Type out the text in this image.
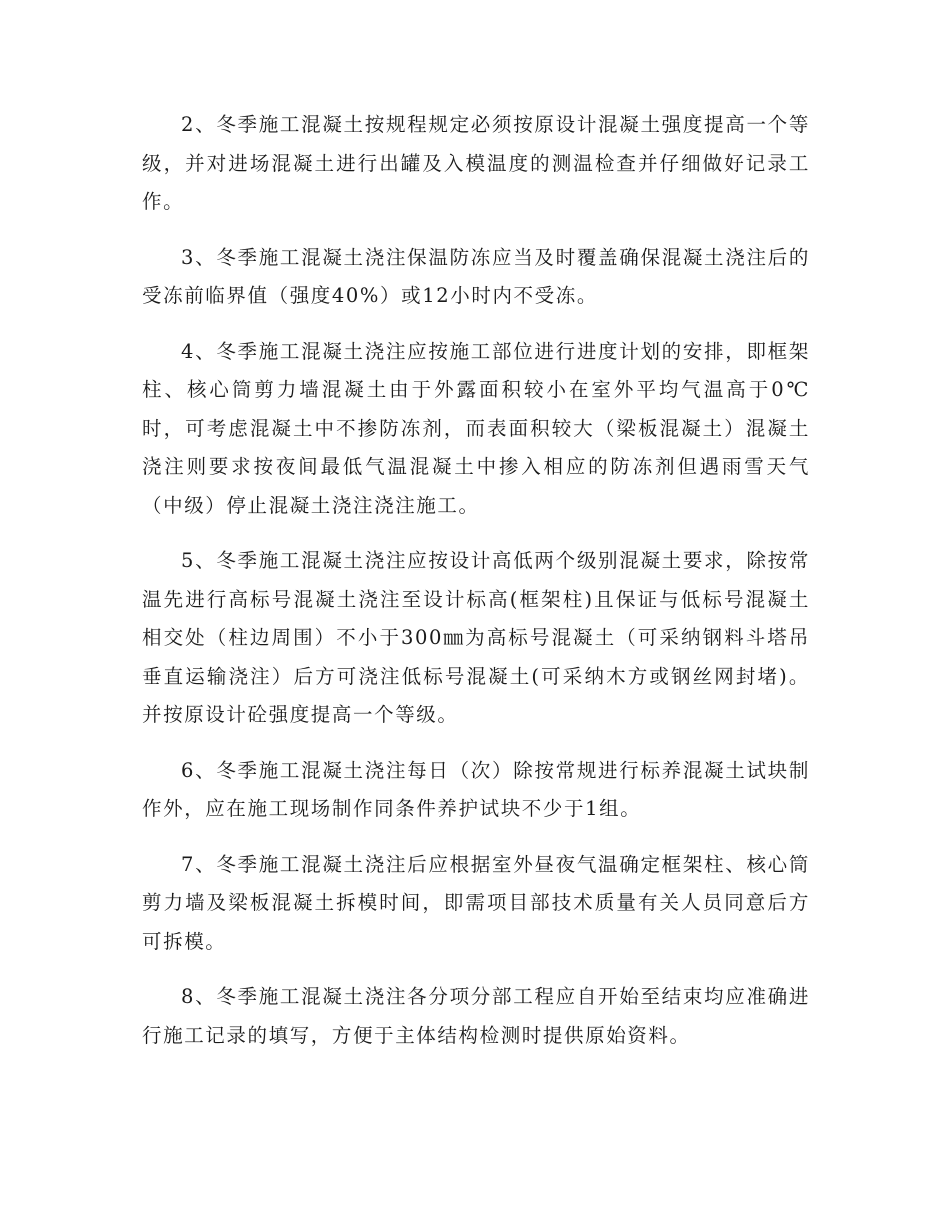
2、冬季施工混凝土按规程规定必须按原设计混凝土强度提高一个等级，并对进场混凝土进行出罐及入模温度的测温检查并仔细做好记录工作。

3、冬季施工混凝土浇注保温防冻应当及时覆盖确保混凝土浇注后的受冻前临界值（强度40%）或12小时内不受冻。

4、冬季施工混凝土浇注应按施工部位进行进度计划的安排，即框架柱、核心筒剪力墙混凝土由于外露面积较小在室外平均气温高于0℃时，可考虑混凝土中不掺防冻剂，而表面积较大（梁板混凝土）混凝土浇注则要求按夜间最低气温混凝土中掺入相应的防冻剂但遇雨雪天气（中级）停止混凝土浇注浇注施工。

5、冬季施工混凝土浇注应按设计高低两个级别混凝土要求，除按常温先进行高标号混凝土浇注至设计标高(框架柱)且保证与低标号混凝土相交处（柱边周围）不小于300㎜为高标号混凝土（可采纳钢料斗塔吊垂直运输浇注）后方可浇注低标号混凝土(可采纳木方或钢丝网封堵)。并按原设计砼强度提高一个等级。

6、冬季施工混凝土浇注每日（次）除按常规进行标养混凝土试块制作外，应在施工现场制作同条件养护试块不少于1组。

7、冬季施工混凝土浇注后应根据室外昼夜气温确定框架柱、核心筒剪力墙及梁板混凝土拆模时间，即需项目部技术质量有关人员同意后方可拆模。

8、冬季施工混凝土浇注各分项分部工程应自开始至结束均应准确进行施工记录的填写，方便于主体结构检测时提供原始资料。
